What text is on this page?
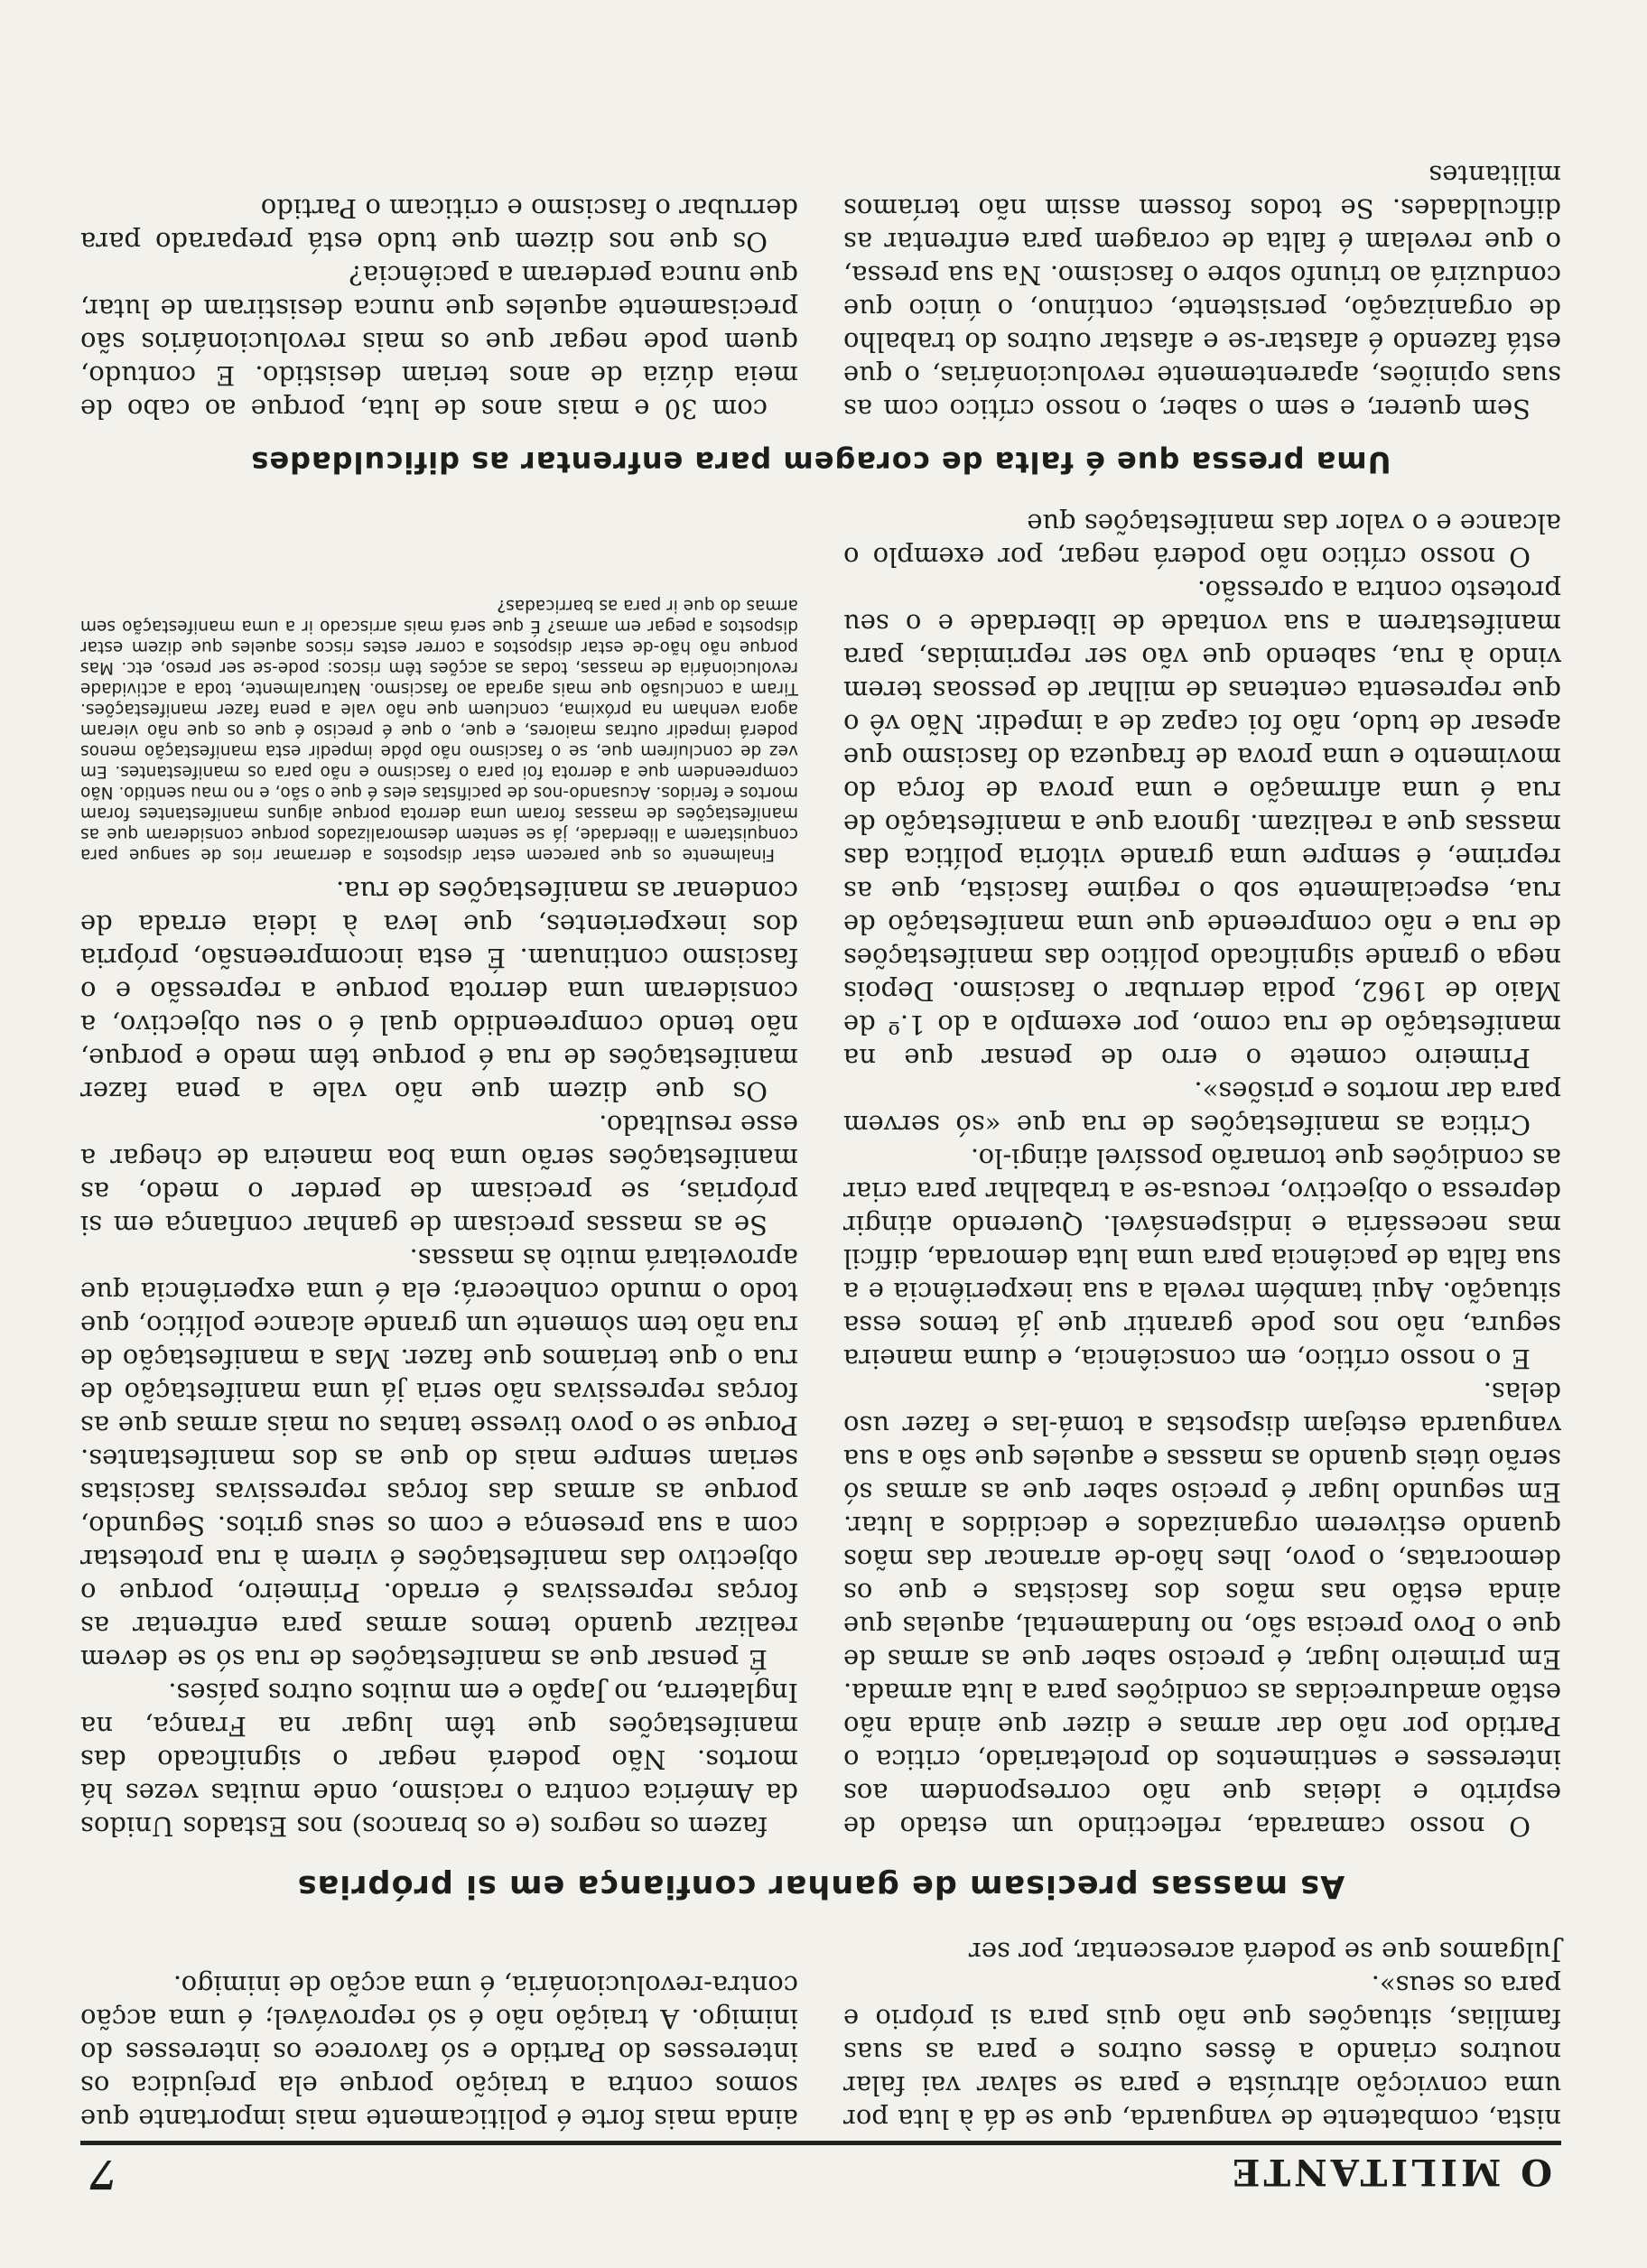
O MILITANTE
7

nista, combatente de vanguarda, que se dá à luta por uma convicção altruísta e para se salvar vai falar noutros criando a êsses outros e para as suas famílias, situações que não quis para si próprio e para os seus».
Julgamos que se poderá acrescentar, por ser

ainda mais forte é politicamente mais importante que somos contra a traição porque ela prejudica os interesses do Partido e só favorece os interesses do inimigo. A traição não é só reprovável; é uma acção contra-revolucionária, é uma acção de inimigo.

As massas precisam de ganhar confiança em si próprias

O nosso camarada, reflectindo um estado de espírito e ideias que não correspondem aos interesses e sentimentos do proletariado, critica o Partido por não dar armas e dizer que ainda não estão amadurecidas as condições para a luta armada. Em primeiro lugar, é preciso saber que as armas de que o Povo precisa são, no fundamental, aquelas que ainda estão nas mãos dos fascistas e que os democratas, o povo, lhes hão-de arrancar das mãos quando estiverem organizados e decididos a lutar. Em segundo lugar é preciso saber que as armas só serão úteis quando as massas e aqueles que são a sua vanguarda estejam dispostas a tomá-las e fazer uso delas.

E o nosso crítico, em consciência, e duma maneira segura, não nos pode garantir que já temos essa situação. Aqui também revela a sua inexperiência e a sua falta de paciência para uma luta demorada, difícil mas necessária e indispensável. Querendo atingir depressa o objectivo, recusa-se a trabalhar para criar as condições que tornarão possível atingi-lo.

Critica as manifestações de rua que «só servem para dar mortos e prisões».

Primeiro comete o erro de pensar que na manifestação de rua como, por exemplo a do 1.º de Maio de 1962, podia derrubar o fascismo. Depois nega o grande significado político das manifestações de rua e não compreende que uma manifestação de rua, especialmente sob o regime fascista, que as reprime, é sempre uma grande vitória política das massas que a realizam. Ignora que a manifestação de rua é uma afirmação e uma prova de força do movimento e uma prova de fraqueza do fascismo que apesar de tudo, não foi capaz de a impedir. Não vê o que representa centenas de milhar de pessoas terem vindo à rua, sabendo que vão ser reprimidas, para manifestarem a sua vontade de liberdade e o seu protesto contra a opressão.

O nosso crítico não poderá negar, por exemplo o alcance e o valor das manifestações que

fazem os negros (e os brancos) nos Estados Unidos da América contra o racismo, onde muitas vezes há mortos. Não poderá negar o significado das manifestações que têm lugar na França, na Inglaterra, no Japão e em muitos outros países.

É pensar que as manifestações de rua só se devem realizar quando temos armas para enfrentar as forças repressivas é errado. Primeiro, porque o objectivo das manifestações é virem à rua protestar com a sua presença e com os seus gritos. Segundo, porque as armas das forças repressivas fascistas seriam sempre mais do que as dos manifestantes. Porque se o povo tivesse tantas ou mais armas que as forças repressivas não seria já uma manifestação de rua o que teríamos que fazer. Mas a manifestação de rua não tem sòmente um grande alcance político, que todo o mundo conhecerá; ela é uma experiência que aproveitará muito às massas.

Se as massas precisam de ganhar confiança em si próprias, se precisam de perder o medo, as manifestações serão uma boa maneira de chegar a esse resultado.

Os que dizem que não vale a pena fazer manifestações de rua é porque têm medo e porque, não tendo compreendido qual é o seu objectivo, a consideram uma derrota porque a repressão e o fascismo continuam. É esta incompreensão, própria dos inexperientes, que leva à ideia errada de condenar as manifestações de rua.

Finalmente os que parecem estar dispostos a derramar rios de sangue para conquistarem a liberdade, já se sentem desmoralizados porque consideram que as manifestações de massas foram uma derrota porque alguns manifestantes foram mortos e feridos. Acusando-nos de pacifistas eles é que o são, e no mau sentido. Não compreendem que a derrota foi para o fascismo e não para os manifestantes. Em vez de concluírem que, se o fascismo não pôde impedir esta manifestação menos poderá impedir outras maiores, e que, o que é preciso é que os que não vieram agora venham na próxima, concluem que não vale a pena fazer manifestações. Tiram a conclusão que mais agrada ao fascismo. Naturalmente, toda a actividade revolucionária de massas, todas as acções têm riscos: pode-se ser preso, etc. Mas porque não hão-de estar dispostos a correr estes riscos aqueles que dizem estar dispostos a pegar em armas? É que será mais arriscado ir a uma manifestação sem armas do que ir para as barricadas?

Uma pressa que é falta de coragem para enfrentar as dificuldades

Sem querer, e sem o saber, o nosso crítico com as suas opiniões, aparentemente revolucionárias, o que está fazendo é afastar-se e afastar outros do trabalho de organização, persistente, contínuo, o único que conduzirá ao triunfo sobre o fascismo. Na sua pressa, o que revelam é falta de coragem para enfrentar as dificuldades. Se todos fossem assim não teríamos militantes

com 30 e mais anos de luta, porque ao cabo de meia dúzia de anos teriam desistido. E contudo, quem pode negar que os mais revolucionários são precisamente aqueles que nunca desistiram de lutar, que nunca perderam a paciência?

Os que nos dizem que tudo está preparado para derrubar o fascismo e criticam o Partido
